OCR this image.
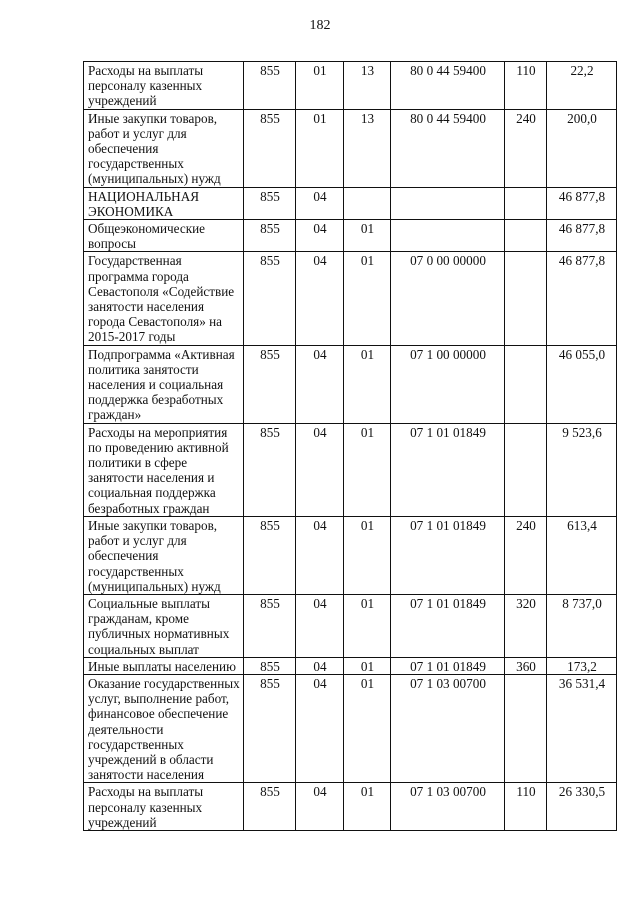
182
Расходы на выплаты персоналу казенных учреждений	855	01	13	80 0 44 59400	110	22,2
Иные закупки товаров, работ и услуг для обеспечения государственных (муниципальных) нужд	855	01	13	80 0 44 59400	240	200,0
НАЦИОНАЛЬНАЯ ЭКОНОМИКА	855	04				46 877,8
Общеэкономические вопросы	855	04	01			46 877,8
Государственная программа города Севастополя «Содействие занятости населения города Севастополя» на 2015-2017 годы	855	04	01	07 0 00 00000		46 877,8
Подпрограмма «Активная политика занятости населения и социальная поддержка безработных граждан»	855	04	01	07 1 00 00000		46 055,0
Расходы на мероприятия по проведению активной политики в сфере занятости населения и социальная поддержка безработных граждан	855	04	01	07 1 01 01849		9 523,6
Иные закупки товаров, работ и услуг для обеспечения государственных (муниципальных) нужд	855	04	01	07 1 01 01849	240	613,4
Социальные выплаты гражданам, кроме публичных нормативных социальных выплат	855	04	01	07 1 01 01849	320	8 737,0
Иные выплаты населению	855	04	01	07 1 01 01849	360	173,2
Оказание государственных услуг, выполнение работ, финансовое обеспечение деятельности государственных учреждений в области занятости населения	855	04	01	07 1 03 00700		36 531,4
Расходы на выплаты персоналу казенных учреждений	855	04	01	07 1 03 00700	110	26 330,5
